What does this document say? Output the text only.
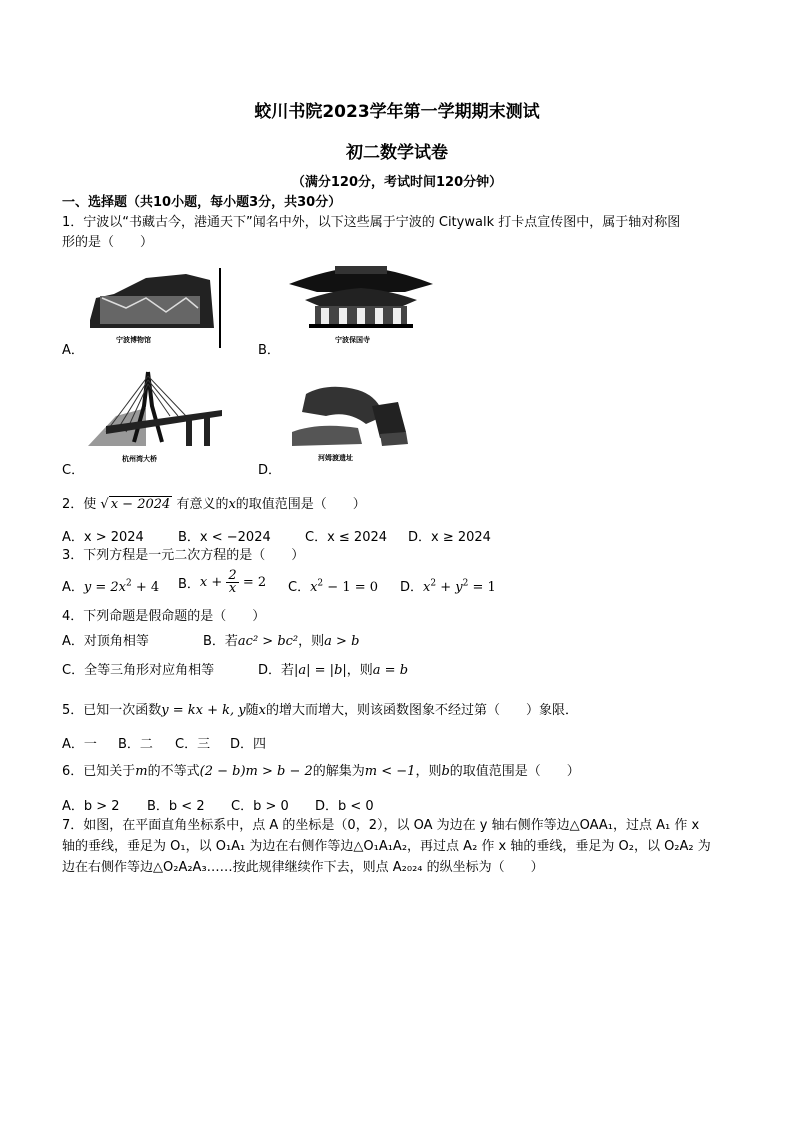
蛟川书院2023学年第一学期期末测试
初二数学试卷
（满分120分，考试时间120分钟）
一、选择题（共10小题，每小题3分，共30分）
1．宁波以“书藏古今，港通天下”闻名中外，以下这些属于宁波的 Citywalk 打卡点宣传图中，属于轴对称图
形的是（　　）
A．
宁波博物馆
B．
宁波保国寺
C．
杭州湾大桥
D．
河姆渡遗址
2．使 √ x − 2024 有意义的x的取值范围是（　　）
A．x > 2024	B．x < −2024	C．x ≤ 2024 D．x ≥ 2024
3．下列方程是一元二次方程的是（　　）
A．$y = 2x^2 + 4$ B．$x + \frac{2}{x} = 2$ C．$x^2 - 1 = 0$ D．$x^2 + y^2 = 1$
4．下列命题是假命题的是（　　）
A．对顶角相等	B．若ac² > bc²，则a > b
C．全等三角形对应角相等	D．若|a| = |b|，则a = b
5．已知一次函数y = kx + k, y随x的增大而增大，则该函数图象不经过第（　　）象限．
A．一 B．二 C．三 D．四
6．已知关于m的不等式(2 − b)m > b − 2的解集为m < −1，则b的取值范围是（　　）
A．b > 2 B．b < 2 C．b > 0 D．b < 0
7．如图，在平面直角坐标系中，点 A 的坐标是（0，2），以 OA 为边在 y 轴右侧作等边△OAA₁，过点 A₁ 作 x
轴的垂线，垂足为 O₁，以 O₁A₁ 为边在右侧作等边△O₁A₁A₂，再过点 A₂ 作 x 轴的垂线，垂足为 O₂，以 O₂A₂ 为
边在右侧作等边△O₂A₂A₃……按此规律继续作下去，则点 A₂₀₂₄ 的纵坐标为（　　）
